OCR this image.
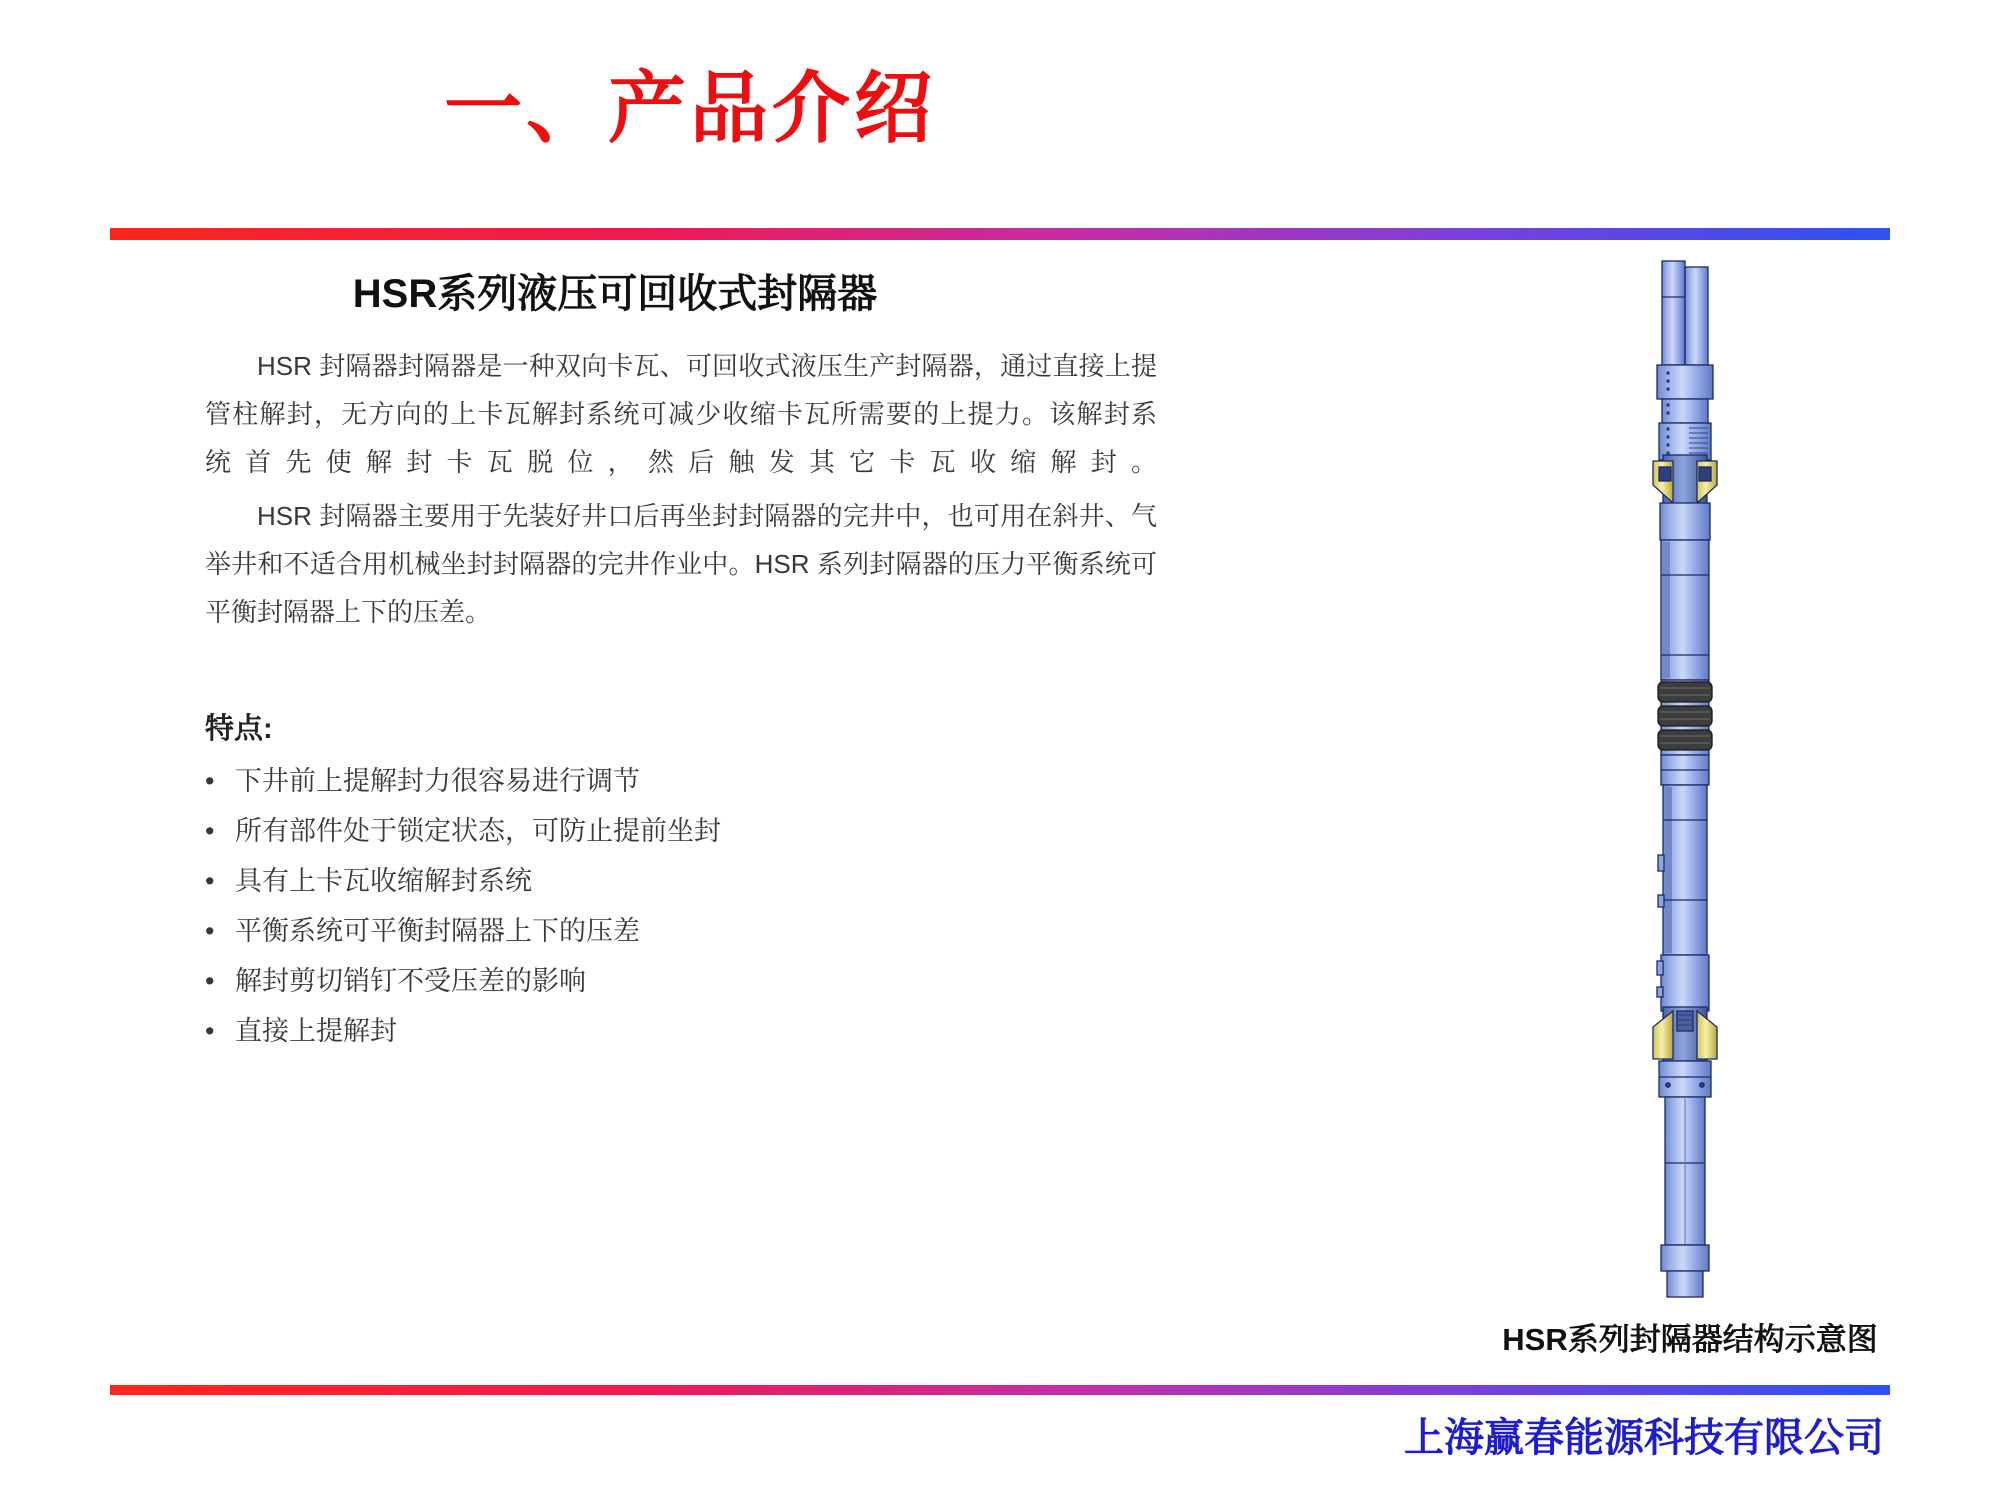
一、产品介绍
HSR系列液压可回收式封隔器
HSR 封隔器封隔器是一种双向卡瓦、可回收式液压生产封隔器，通过直接上提
管柱解封，无方向的上卡瓦解封系统可减少收缩卡瓦所需要的上提力。该解封系
统首先使解封卡瓦脱位，然后触发其它卡瓦收缩解封。
HSR 封隔器主要用于先装好井口后再坐封封隔器的完井中，也可用在斜井、气
举井和不适合用机械坐封封隔器的完井作业中。HSR 系列封隔器的压力平衡系统可
平衡封隔器上下的压差。
特点:
• 下井前上提解封力很容易进行调节
• 所有部件处于锁定状态，可防止提前坐封
• 具有上卡瓦收缩解封系统
• 平衡系统可平衡封隔器上下的压差
• 解封剪切销钉不受压差的影响
• 直接上提解封
HSR系列封隔器结构示意图
上海赢春能源科技有限公司
